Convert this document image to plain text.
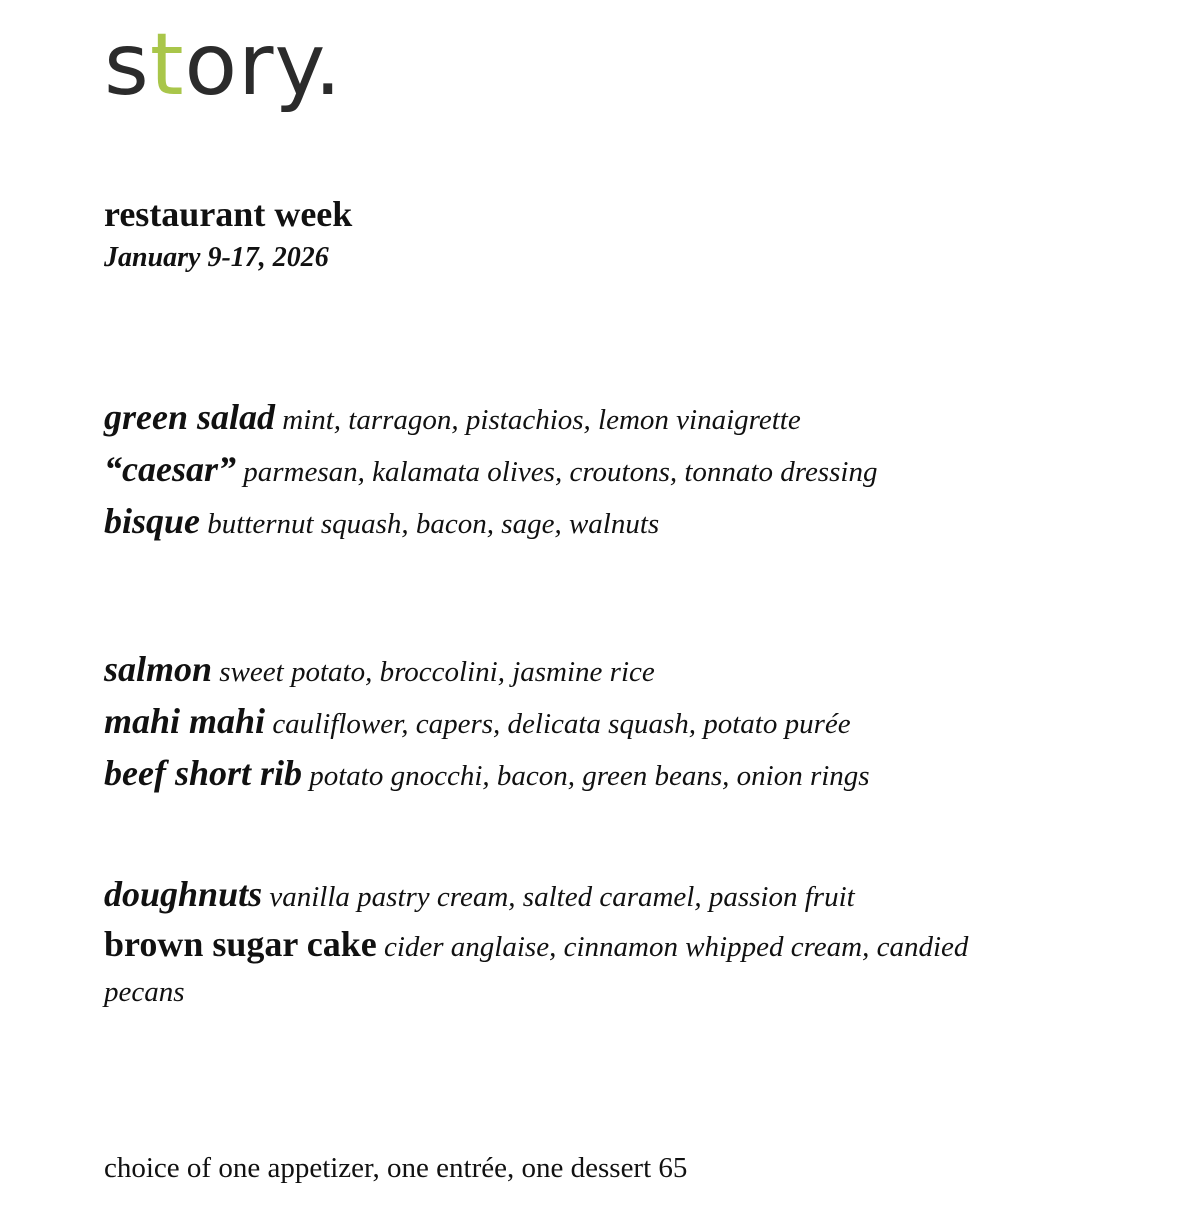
story.
restaurant week
January 9-17, 2026
green salad mint, tarragon, pistachios, lemon vinaigrette
“caesar” parmesan, kalamata olives, croutons, tonnato dressing
bisque butternut squash, bacon, sage, walnuts
salmon sweet potato, broccolini, jasmine rice
mahi mahi cauliflower, capers, delicata squash, potato purée
beef short rib potato gnocchi, bacon, green beans, onion rings
doughnuts vanilla pastry cream, salted caramel, passion fruit
brown sugar cake cider anglaise, cinnamon whipped cream, candied pecans
choice of one appetizer, one entrée, one dessert 65
